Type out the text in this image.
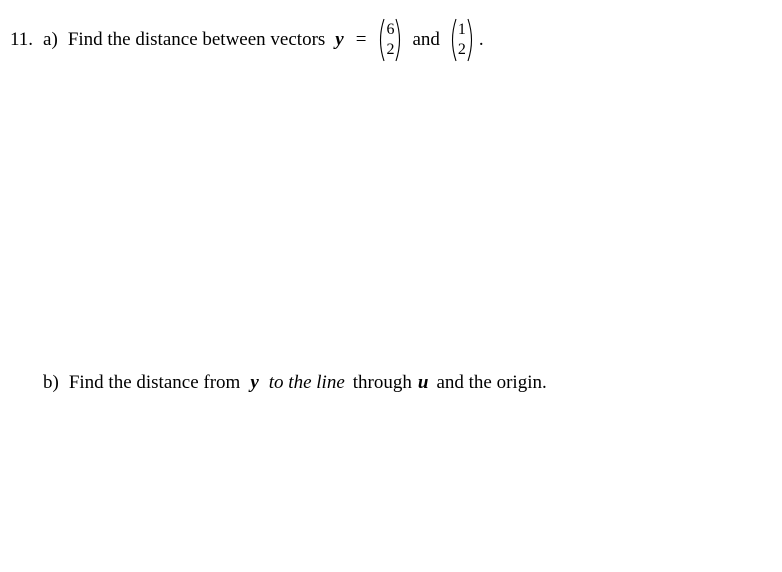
11. a) Find the distance between vectors y = 6
2 and 1
2 .
b) Find the distance from y to the line through u and the origin.
